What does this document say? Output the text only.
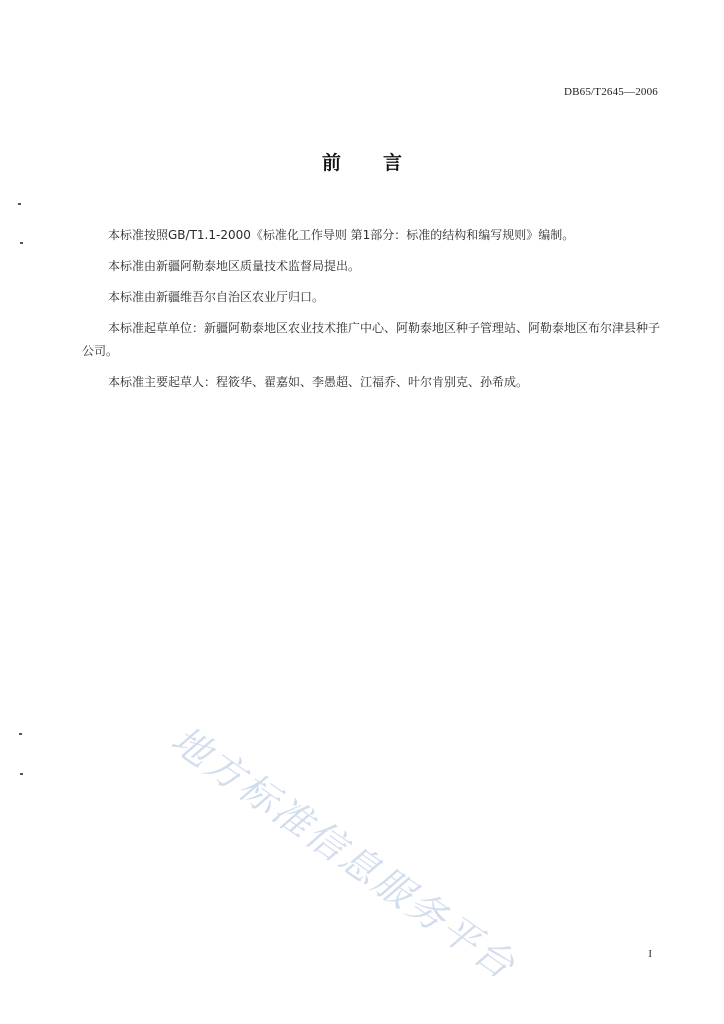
DB65/T2645—2006
前言

本标准按照GB/T1.1-2000《标准化工作导则 第1部分：标准的结构和编写规则》编制。

本标准由新疆阿勒泰地区质量技术监督局提出。

本标准由新疆维吾尔自治区农业厅归口。

本标准起草单位：新疆阿勒泰地区农业技术推广中心、阿勒泰地区种子管理站、阿勒泰地区布尔津县种子公司。

本标准主要起草人：程筱华、翟嘉如、李愚超、江福乔、叶尔肯别克、孙希成。

地方标准信息服务平台	I
